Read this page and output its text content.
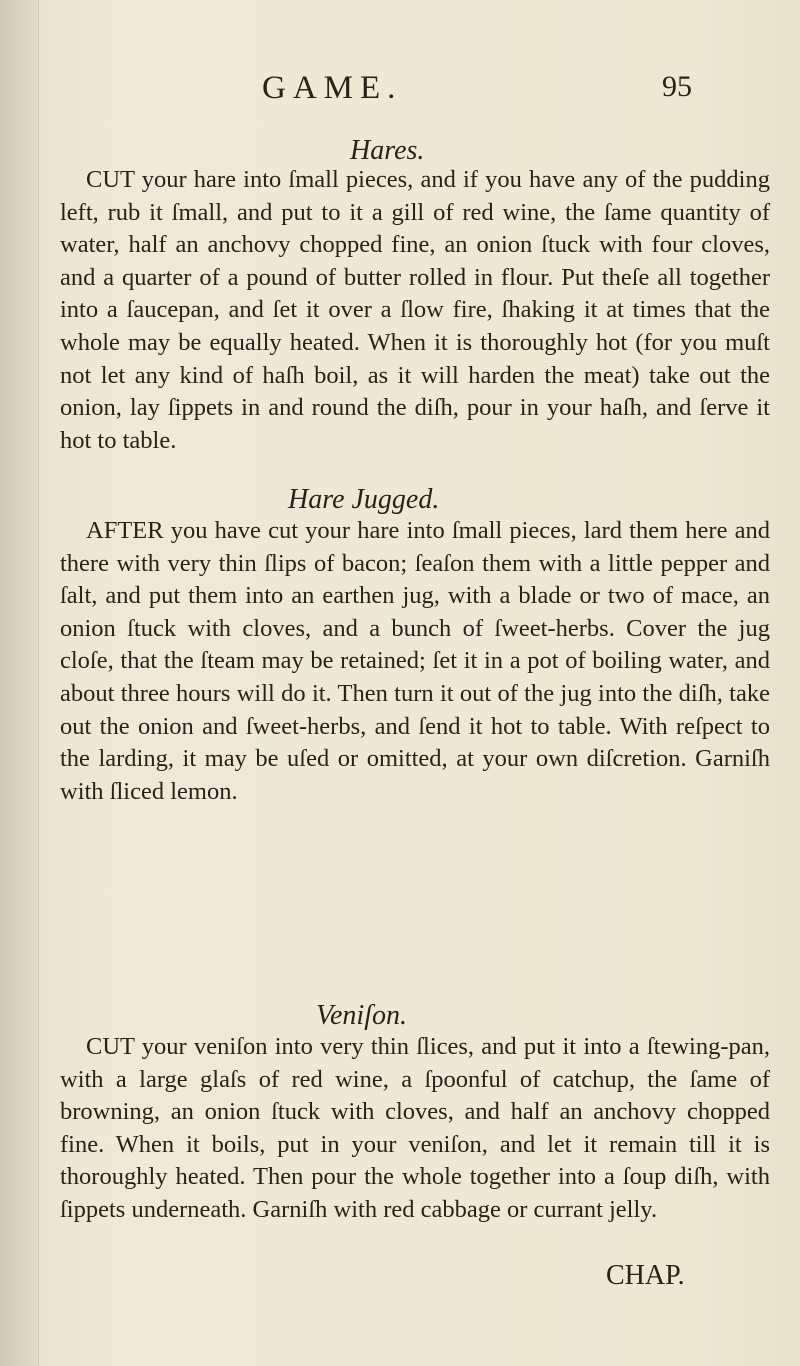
GAME.	95
Hares.

CUT your hare into ſmall pieces, and if you have any of the pudding left, rub it ſmall, and put to it a gill of red wine, the ſame quantity of water, half an anchovy chopped fine, an onion ſtuck with four cloves, and a quarter of a pound of butter rolled in flour. Put theſe all together into a ſaucepan, and ſet it over a ſlow fire, ſhaking it at times that the whole may be equally heated. When it is thoroughly hot (for you muſt not let any kind of haſh boil, as it will harden the meat) take out the onion, lay ſippets in and round the diſh, pour in your haſh, and ſerve it hot to table.

Hare Jugged.

AFTER you have cut your hare into ſmall pieces, lard them here and there with very thin ſlips of bacon; ſeaſon them with a little pepper and ſalt, and put them into an earthen jug, with a blade or two of mace, an onion ſtuck with cloves, and a bunch of ſweet-herbs. Cover the jug cloſe, that the ſteam may be retained; ſet it in a pot of boiling water, and about three hours will do it. Then turn it out of the jug into the diſh, take out the onion and ſweet-herbs, and ſend it hot to table. With reſpect to the larding, it may be uſed or omitted, at your own diſcretion. Garniſh with ſliced lemon.

Veniſon.

CUT your veniſon into very thin ſlices, and put it into a ſtewing-pan, with a large glaſs of red wine, a ſpoonful of catchup, the ſame of browning, an onion ſtuck with cloves, and half an anchovy chopped fine. When it boils, put in your veniſon, and let it remain till it is thoroughly heated. Then pour the whole together into a ſoup diſh, with ſippets underneath. Garniſh with red cabbage or currant jelly.

CHAP.
